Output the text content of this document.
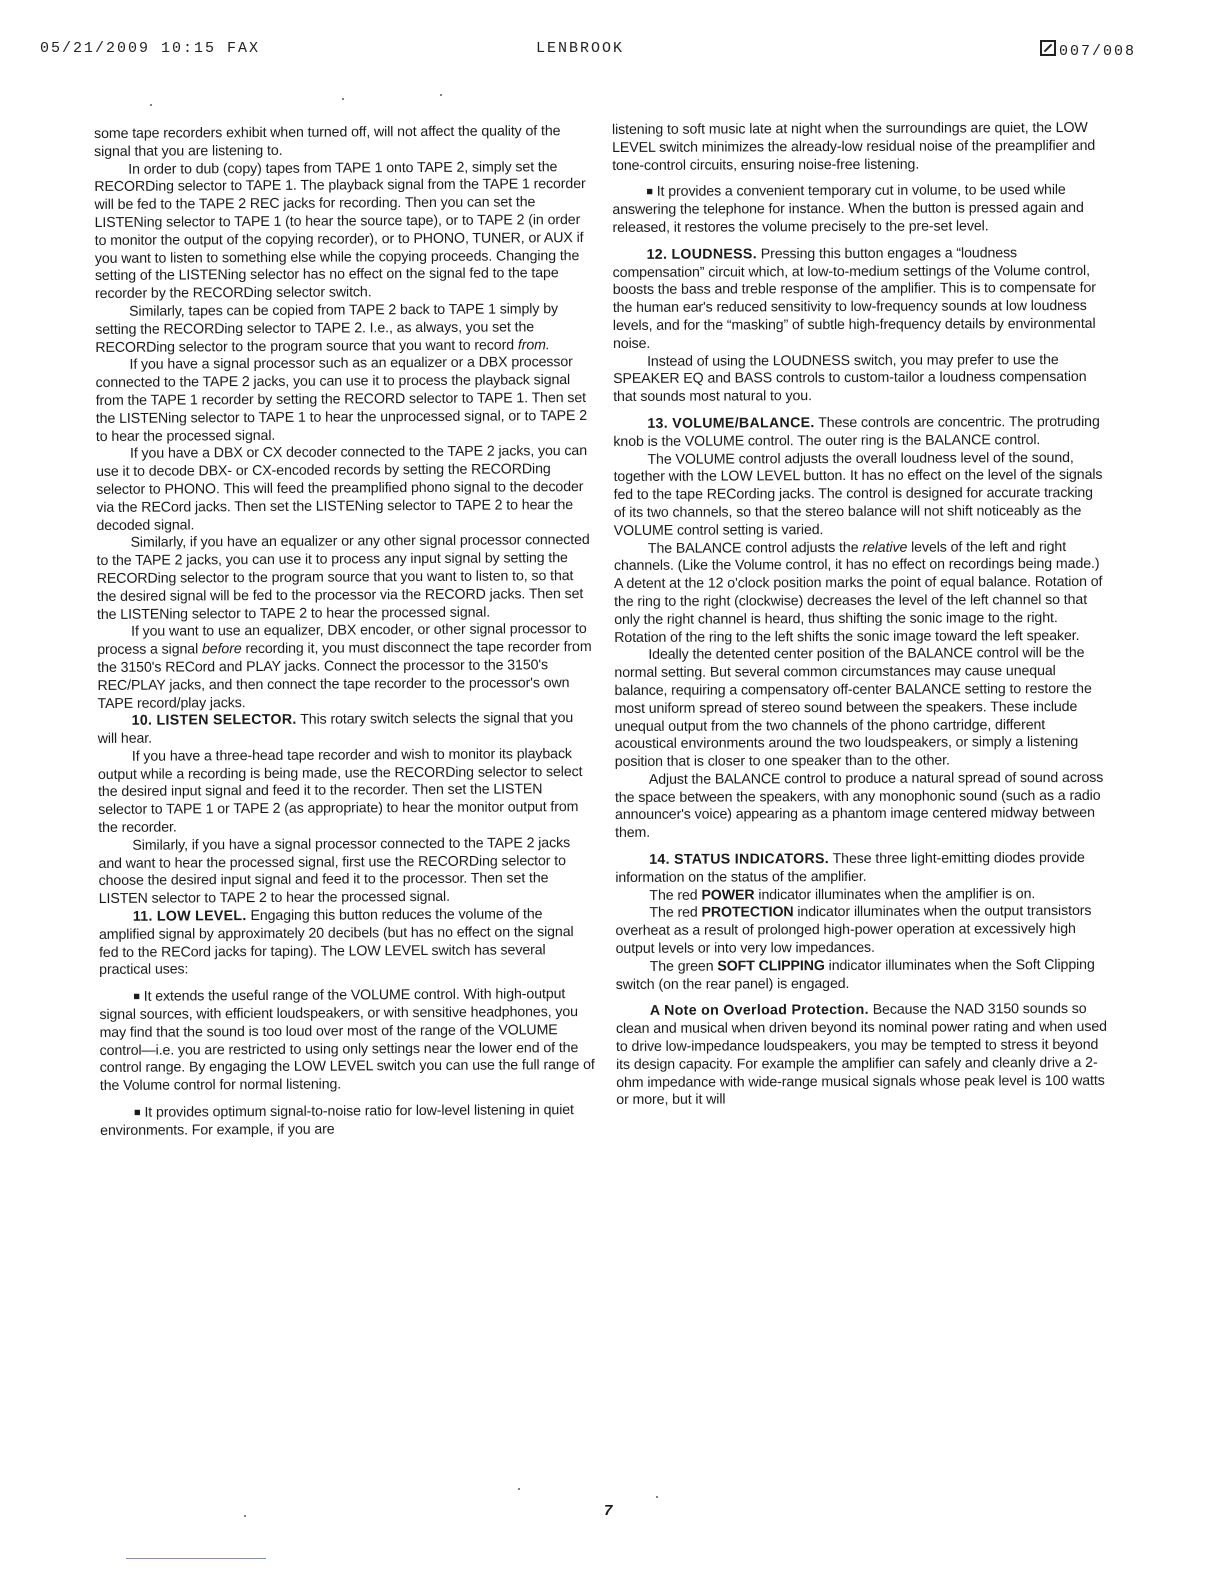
05/21/2009 10:15 FAX	LENBROOK	007/008

some tape recorders exhibit when turned off, will not affect the quality of the signal that you are listening to.

In order to dub (copy) tapes from TAPE 1 onto TAPE 2, simply set the RECORDing selector to TAPE 1. The playback signal from the TAPE 1 recorder will be fed to the TAPE 2 REC jacks for recording. Then you can set the LISTENing selector to TAPE 1 (to hear the source tape), or to TAPE 2 (in order to monitor the output of the copying recorder), or to PHONO, TUNER, or AUX if you want to listen to something else while the copying proceeds. Changing the setting of the LISTENing selector has no effect on the signal fed to the tape recorder by the RECORDing selector switch.

Similarly, tapes can be copied from TAPE 2 back to TAPE 1 simply by setting the RECORDing selector to TAPE 2. I.e., as always, you set the RECORDing selector to the program source that you want to record from.

If you have a signal processor such as an equalizer or a DBX processor connected to the TAPE 2 jacks, you can use it to process the playback signal from the TAPE 1 recorder by setting the RECORD selector to TAPE 1. Then set the LISTENing selector to TAPE 1 to hear the unprocessed signal, or to TAPE 2 to hear the processed signal.

If you have a DBX or CX decoder connected to the TAPE 2 jacks, you can use it to decode DBX- or CX-encoded records by setting the RECORDing selector to PHONO. This will feed the preamplified phono signal to the decoder via the RECord jacks. Then set the LISTENing selector to TAPE 2 to hear the decoded signal.

Similarly, if you have an equalizer or any other signal processor connected to the TAPE 2 jacks, you can use it to process any input signal by setting the RECORDing selector to the program source that you want to listen to, so that the desired signal will be fed to the processor via the RECORD jacks. Then set the LISTENing selector to TAPE 2 to hear the processed signal.

If you want to use an equalizer, DBX encoder, or other signal processor to process a signal before recording it, you must disconnect the tape recorder from the 3150's RECord and PLAY jacks. Connect the processor to the 3150's REC/PLAY jacks, and then connect the tape recorder to the processor's own TAPE record/play jacks.

10. LISTEN SELECTOR. This rotary switch selects the signal that you will hear.

If you have a three-head tape recorder and wish to monitor its playback output while a recording is being made, use the RECORDing selector to select the desired input signal and feed it to the recorder. Then set the LISTEN selector to TAPE 1 or TAPE 2 (as appropriate) to hear the monitor output from the recorder.

Similarly, if you have a signal processor connected to the TAPE 2 jacks and want to hear the processed signal, first use the RECORDing selector to choose the desired input signal and feed it to the processor. Then set the LISTEN selector to TAPE 2 to hear the processed signal.

11. LOW LEVEL. Engaging this button reduces the volume of the amplified signal by approximately 20 decibels (but has no effect on the signal fed to the RECord jacks for taping). The LOW LEVEL switch has several practical uses:

■ It extends the useful range of the VOLUME control. With high-output signal sources, with efficient loudspeakers, or with sensitive headphones, you may find that the sound is too loud over most of the range of the VOLUME control—i.e. you are restricted to using only settings near the lower end of the control range. By engaging the LOW LEVEL switch you can use the full range of the Volume control for normal listening.

■ It provides optimum signal-to-noise ratio for low-level listening in quiet environments. For example, if you are

listening to soft music late at night when the surroundings are quiet, the LOW LEVEL switch minimizes the already-low residual noise of the preamplifier and tone-control circuits, ensuring noise-free listening.

■ It provides a convenient temporary cut in volume, to be used while answering the telephone for instance. When the button is pressed again and released, it restores the volume precisely to the pre-set level.

12. LOUDNESS. Pressing this button engages a “loudness compensation” circuit which, at low-to-medium settings of the Volume control, boosts the bass and treble response of the amplifier. This is to compensate for the human ear's reduced sensitivity to low-frequency sounds at low loudness levels, and for the “masking” of subtle high-frequency details by environmental noise.

Instead of using the LOUDNESS switch, you may prefer to use the SPEAKER EQ and BASS controls to custom-tailor a loudness compensation that sounds most natural to you.

13. VOLUME/BALANCE. These controls are concentric. The protruding knob is the VOLUME control. The outer ring is the BALANCE control.

The VOLUME control adjusts the overall loudness level of the sound, together with the LOW LEVEL button. It has no effect on the level of the signals fed to the tape RECording jacks. The control is designed for accurate tracking of its two channels, so that the stereo balance will not shift noticeably as the VOLUME control setting is varied.

The BALANCE control adjusts the relative levels of the left and right channels. (Like the Volume control, it has no effect on recordings being made.) A detent at the 12 o'clock position marks the point of equal balance. Rotation of the ring to the right (clockwise) decreases the level of the left channel so that only the right channel is heard, thus shifting the sonic image to the right. Rotation of the ring to the left shifts the sonic image toward the left speaker.

Ideally the detented center position of the BALANCE control will be the normal setting. But several common circumstances may cause unequal balance, requiring a compensatory off-center BALANCE setting to restore the most uniform spread of stereo sound between the speakers. These include unequal output from the two channels of the phono cartridge, different acoustical environments around the two loudspeakers, or simply a listening position that is closer to one speaker than to the other.

Adjust the BALANCE control to produce a natural spread of sound across the space between the speakers, with any monophonic sound (such as a radio announcer's voice) appearing as a phantom image centered midway between them.

14. STATUS INDICATORS. These three light-emitting diodes provide information on the status of the amplifier.

The red POWER indicator illuminates when the amplifier is on.

The red PROTECTION indicator illuminates when the output transistors overheat as a result of prolonged high-power operation at excessively high output levels or into very low impedances.

The green SOFT CLIPPING indicator illuminates when the Soft Clipping switch (on the rear panel) is engaged.

A Note on Overload Protection. Because the NAD 3150 sounds so clean and musical when driven beyond its nominal power rating and when used to drive low-impedance loudspeakers, you may be tempted to stress it beyond its design capacity. For example the amplifier can safely and cleanly drive a 2-ohm impedance with wide-range musical signals whose peak level is 100 watts or more, but it will

7
